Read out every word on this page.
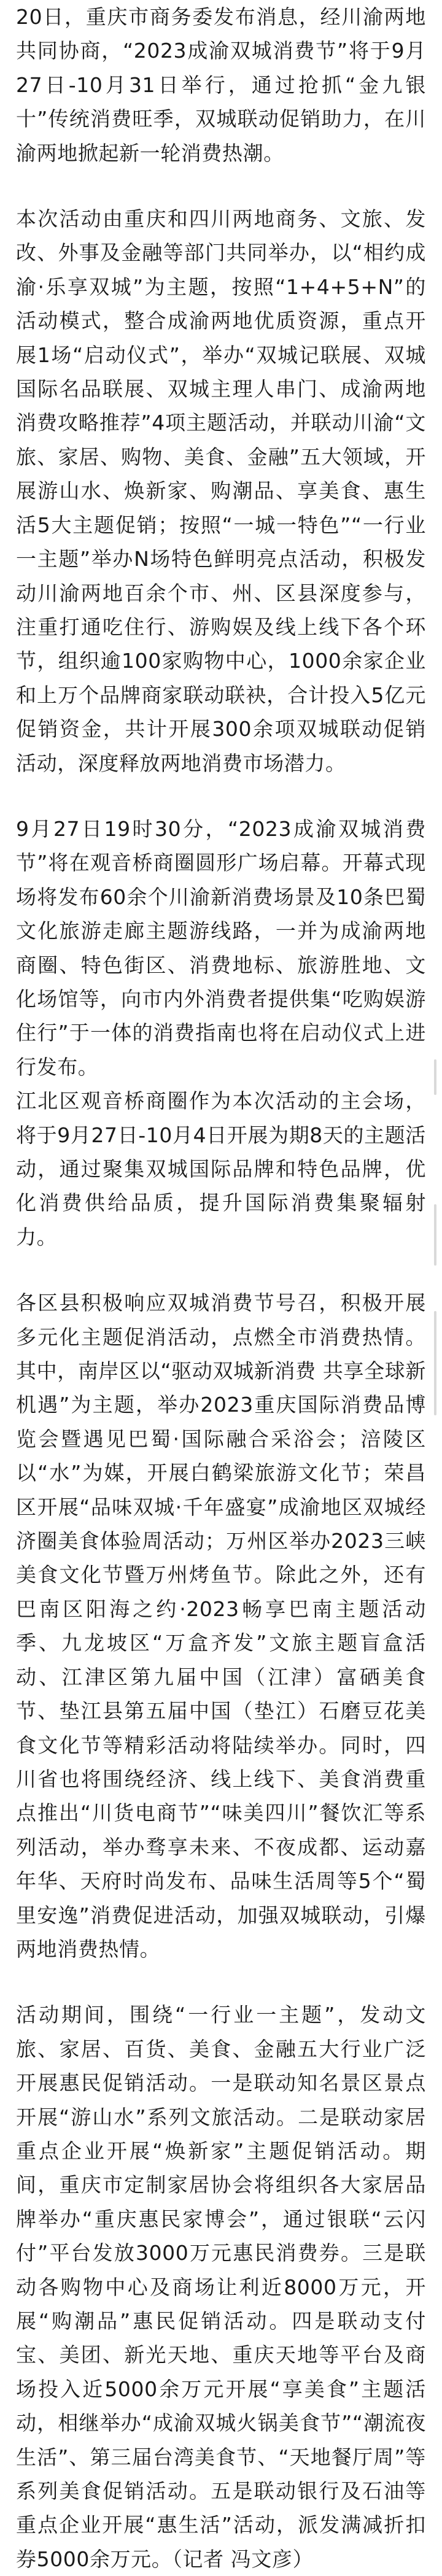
20日，重庆市商务委发布消息，经川渝两地共同协商，“2023成渝双城消费节”将于9月27日-10月31日举行，通过抢抓“金九银十”传统消费旺季，双城联动促销助力，在川渝两地掀起新一轮消费热潮。

本次活动由重庆和四川两地商务、文旅、发改、外事及金融等部门共同举办，以“相约成渝·乐享双城”为主题，按照“1+4+5+N”的活动模式，整合成渝两地优质资源，重点开展1场“启动仪式”，举办“双城记联展、双城国际名品联展、双城主理人串门、成渝两地消费攻略推荐”4项主题活动，并联动川渝“文旅、家居、购物、美食、金融”五大领域，开展游山水、焕新家、购潮品、享美食、惠生活5大主题促销；按照“一城一特色”“一行业一主题”举办N场特色鲜明亮点活动，积极发动川渝两地百余个市、州、区县深度参与，注重打通吃住行、游购娱及线上线下各个环节，组织逾100家购物中心，1000余家企业和上万个品牌商家联动联袂，合计投入5亿元促销资金，共计开展300余项双城联动促销活动，深度释放两地消费市场潜力。

9月27日19时30分，“2023成渝双城消费节”将在观音桥商圈圆形广场启幕。开幕式现场将发布60余个川渝新消费场景及10条巴蜀文化旅游走廊主题游线路，一并为成渝两地商圈、特色街区、消费地标、旅游胜地、文化场馆等，向市内外消费者提供集“吃购娱游住行”于一体的消费指南也将在启动仪式上进行发布。

江北区观音桥商圈作为本次活动的主会场，将于9月27日-10月4日开展为期8天的主题活动，通过聚集双城国际品牌和特色品牌，优化消费供给品质，提升国际消费集聚辐射力。

各区县积极响应双城消费节号召，积极开展多元化主题促消活动，点燃全市消费热情。其中，南岸区以“驱动双城新消费 共享全球新机遇”为主题，举办2023重庆国际消费品博览会暨遇见巴蜀·国际融合采浴会；涪陵区以“水”为媒，开展白鹤梁旅游文化节；荣昌区开展“品味双城·千年盛宴”成渝地区双城经济圈美食体验周活动；万州区举办2023三峡美食文化节暨万州烤鱼节。除此之外，还有巴南区阳海之约·2023畅享巴南主题活动季、九龙坡区“万盒齐发”文旅主题盲盒活动、江津区第九届中国（江津）富硒美食节、垫江县第五届中国（垫江）石磨豆花美食文化节等精彩活动将陆续举办。同时，四川省也将围绕经济、线上线下、美食消费重点推出“川货电商节”“味美四川”餐饮汇等系列活动，举办骛享未来、不夜成都、运动嘉年华、天府时尚发布、品味生活周等5个“蜀里安逸”消费促进活动，加强双城联动，引爆两地消费热情。

活动期间，围绕“一行业一主题”，发动文旅、家居、百货、美食、金融五大行业广泛开展惠民促销活动。一是联动知名景区景点开展“游山水”系列文旅活动。二是联动家居重点企业开展“焕新家”主题促销活动。期间，重庆市定制家居协会将组织各大家居品牌举办“重庆惠民家博会”，通过银联“云闪付”平台发放3000万元惠民消费券。三是联动各购物中心及商场让利近8000万元，开展“购潮品”惠民促销活动。四是联动支付宝、美团、新光天地、重庆天地等平台及商场投入近5000余万元开展“享美食”主题活动，相继举办“成渝双城火锅美食节”“潮流夜生活”、第三届台湾美食节、“天地餐厅周”等系列美食促销活动。五是联动银行及石油等重点企业开展“惠生活”活动，派发满减折扣券5000余万元。（记者 冯文彦）
